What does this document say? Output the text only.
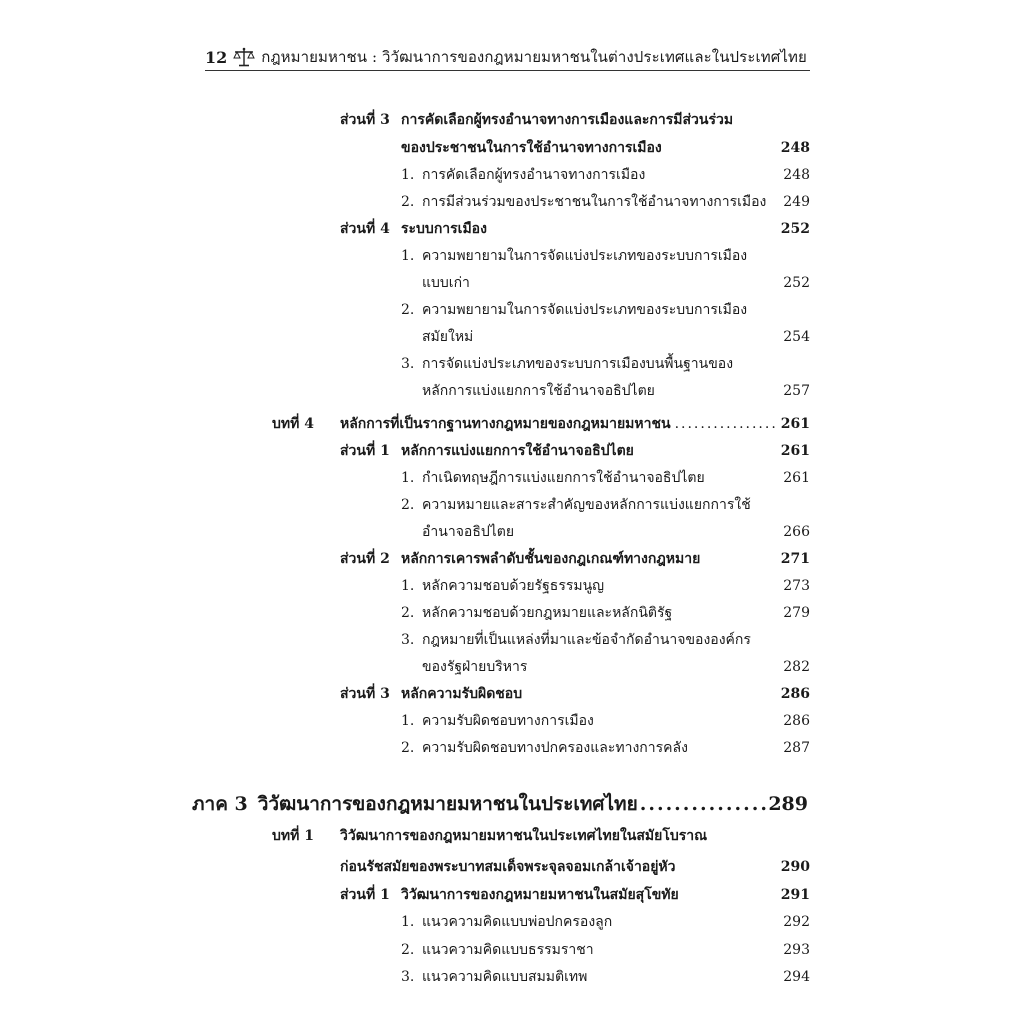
12 กฎหมายมหาชน : วิวัฒนาการของกฎหมายมหาชนในต่างประเทศและในประเทศไทย
ส่วนที่ 3 การคัดเลือกผู้ทรงอำนาจทางการเมืองและการมีส่วนร่วม
ของประชาชนในการใช้อำนาจทางการเมือง	248
1. การคัดเลือกผู้ทรงอำนาจทางการเมือง	248
2. การมีส่วนร่วมของประชาชนในการใช้อำนาจทางการเมือง 249
ส่วนที่ 4 ระบบการเมือง	252
1. ความพยายามในการจัดแบ่งประเภทของระบบการเมือง
แบบเก่า	252
2. ความพยายามในการจัดแบ่งประเภทของระบบการเมือง
สมัยใหม่	254
3. การจัดแบ่งประเภทของระบบการเมืองบนพื้นฐานของ
หลักการแบ่งแยกการใช้อำนาจอธิปไตย	257
บทที่ 4	หลักการที่เป็นรากฐานทางกฎหมายของกฎหมายมหาชน .....	261
ส่วนที่ 1 หลักการแบ่งแยกการใช้อำนาจอธิปไตย	261
1. กำเนิดทฤษฎีการแบ่งแยกการใช้อำนาจอธิปไตย	261
2. ความหมายและสาระสำคัญของหลักการแบ่งแยกการใช้
อำนาจอธิปไตย	266
ส่วนที่ 2 หลักการเคารพลำดับชั้นของกฎเกณฑ์ทางกฎหมาย	271
1. หลักความชอบด้วยรัฐธรรมนูญ	273
2. หลักความชอบด้วยกฎหมายและหลักนิติรัฐ	279
3. กฎหมายที่เป็นแหล่งที่มาและข้อจำกัดอำนาจขององค์กร
ของรัฐฝ่ายบริหาร	282
ส่วนที่ 3 หลักความรับผิดชอบ	286
1. ความรับผิดชอบทางการเมือง	286
2. ความรับผิดชอบทางปกครองและทางการคลัง	287
ภาค 3 วิวัฒนาการของกฎหมายมหาชนในประเทศไทย .....	289
บทที่ 1	วิวัฒนาการของกฎหมายมหาชนในประเทศไทยในสมัยโบราณ
ก่อนรัชสมัยของพระบาทสมเด็จพระจุลจอมเกล้าเจ้าอยู่หัว	290
ส่วนที่ 1 วิวัฒนาการของกฎหมายมหาชนในสมัยสุโขทัย	291
1. แนวความคิดแบบพ่อปกครองลูก	292
2. แนวความคิดแบบธรรมราชา	293
3. แนวความคิดแบบสมมติเทพ	294
